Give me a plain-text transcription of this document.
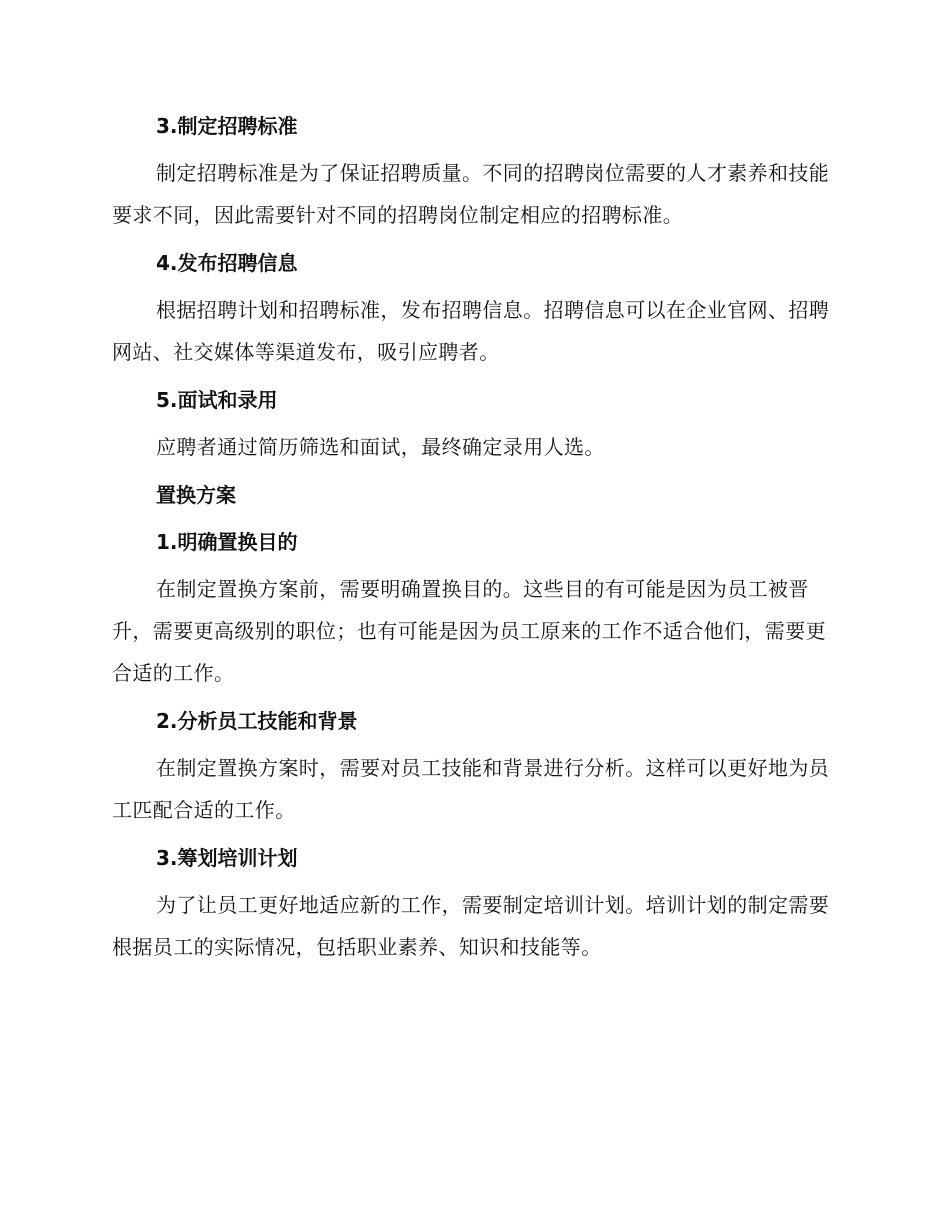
3.制定招聘标准

制定招聘标准是为了保证招聘质量。不同的招聘岗位需要的人才素养和技能要求不同，因此需要针对不同的招聘岗位制定相应的招聘标准。

4.发布招聘信息

根据招聘计划和招聘标准，发布招聘信息。招聘信息可以在企业官网、招聘网站、社交媒体等渠道发布，吸引应聘者。

5.面试和录用

应聘者通过简历筛选和面试，最终确定录用人选。

置换方案
1.明确置换目的

在制定置换方案前，需要明确置换目的。这些目的有可能是因为员工被晋升，需要更高级别的职位；也有可能是因为员工原来的工作不适合他们，需要更合适的工作。

2.分析员工技能和背景

在制定置换方案时，需要对员工技能和背景进行分析。这样可以更好地为员工匹配合适的工作。

3.筹划培训计划

为了让员工更好地适应新的工作，需要制定培训计划。培训计划的制定需要根据员工的实际情况，包括职业素养、知识和技能等。
